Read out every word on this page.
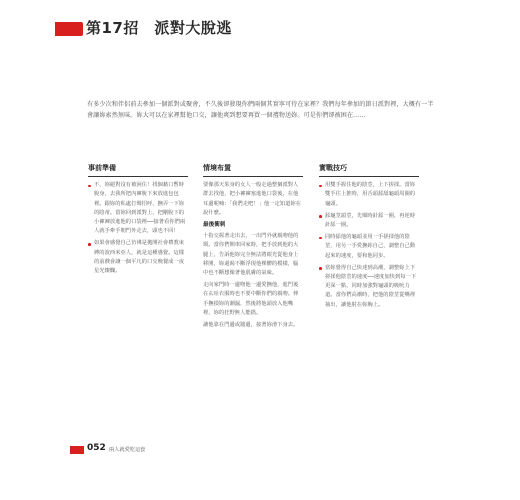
第17招　派對大脫逃
有多少次和伴侶前去參加一個派對或聚會，不久後卻發現你們兩個其實寧可待在家裡？我們每年參加的節日派對裡，大概有一半會讓妳索然無味。妳大可以在家裡幫他口交，讓他爽到想要再買一個禮物送妳。可是你們卻被困在……
事前準備
不，妳絕對沒有被困住！找個藉口暫時脫身，去我所把內褲脫下來放進包包裡。跟妳的私處打聲招呼，撫弄一下妳的陰蒂。當妳回到派對上，把剛脫下的小褲褲放進他的口袋裡──接著看你們兩人就手牽手朝門外走去，頭也不回！
如果會感覺自己彷彿是拋開社會禮教束縛的波西米亞人，就是這種感覺。這樣的前戲會讓一個平凡的口交晚餐成一夜星光燦爛。
情境布置

要像那天茱身的女人一般走過整個派對人群去找他，把小褲褲塞進他口袋後，在他耳邊呢喃：「我們走吧！」他一定知道妳在說什麼。

最後衝刺

十指交握著走出去，一出門外就親吻他的頸。當你們開車回家時，把手放到他的大腿上，告訴他妳完全無法將眼光從他身上移開，妳還渴不斷浮現他裸體的模樣，腦中也不斷想像著他肌膚的氣味。

走向家門時一邊吻他一邊愛撫他，進門後在玄址衣服時也不要中斷你們的親吻。伸手撫摸妳的潮濕，然後將他頭放入他嘴裡，妳的狂野無人能擋。

讓他靠在門邊或牆邊，接著妳滑下身去。

實戰技巧
用雙手握住他的陰莖，上下搓揉。當妳雙手往上推時，用舌頭舔舐龜頭周圍的龜頭。
舔龜莖頭莖，先順時針舔一圈，再逆時針舔一圈。
同時舔他的龜頭並用一手搓揉他的陰莖，用另一手愛撫妳自己，調整自己動起來的速度，要和他同步。
當妳覺得自己快達到高潮，調整妳上下搓揉他陰莖的速度──速度加快到每一下更深一點，同時加強對龜頭的吸吮力道。當你們高潮時，把他的陰莖從嘴裡抽出，讓他射在妳胸上。
052 兩人就愛吃這套
